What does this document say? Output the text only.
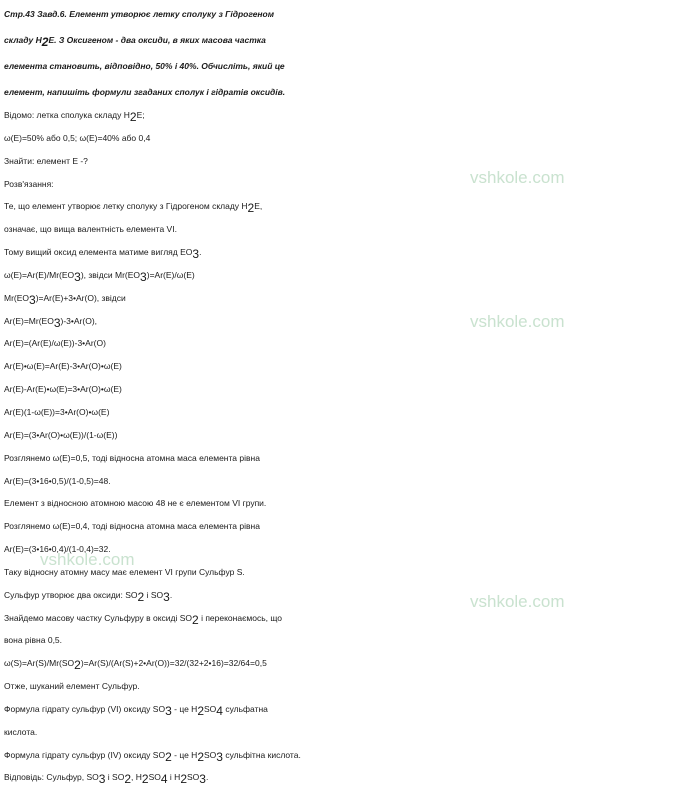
vshkole.com
vshkole.com
vshkole.com
vshkole.com
Стр.43 Завд.6. Елемент утворює летку сполуку з Гідрогеном
складу $H_2E$. З Оксигеном - два оксиди, в яких масова частка
елемента становить, відповідно, 50% і 40%. Обчисліть, який це
елемент, напишіть формули згаданих сполук і гідратів оксидів.
Відомо: летка сполука складу $H_2E$;
ω(E)=50% або 0,5; ω(E)=40% або 0,4
Знайти: елемент Е -?
Розв'язання:
Те, що елемент утворює летку сполуку з Гідрогеном складу $H_2E$,
означає, що вища валентність елемента VI.
Тому вищий оксид елемента матиме вигляд $EO_3$.
$\omega(E)=Ar(E)/Mr(EO_3)$, звідси $Mr(EO_3)=Ar(E)/\omega(E)$
$Mr(EO_3)=Ar(E)+3•Ar(O)$, звідси
$Ar(E)=Mr(EO_3)-3•Ar(O)$,
Ar(E)=(Ar(E)/ω(E))-3•Ar(O)
Ar(E)•ω(E)=Ar(E)-3•Ar(O)•ω(E)
Ar(E)-Ar(E)•ω(E)=3•Ar(O)•ω(E)
Ar(E)(1-ω(E))=3•Ar(O)•ω(E)
Ar(E)=(3•Ar(O)•ω(E))/(1-ω(E))
Розглянемо ω(E)=0,5, тоді відносна атомна маса елемента рівна
Ar(E)=(3•16•0,5)/(1-0,5)=48.
Елемент з відносною атомною масою 48 не є елементом VI групи.
Розглянемо ω(E)=0,4, тоді відносна атомна маса елемента рівна
Ar(E)=(3•16•0,4)/(1-0,4)=32.
Таку відносну атомну масу має елемент VI групи Сульфур S.
Сульфур утворює два оксиди: $SO_2$ і $SO_3$.
Знайдемо масову частку Сульфуру в оксиді $SO_2$ і переконаємось, що
вона рівна 0,5.
$\omega(S)=Ar(S)/Mr(SO_2)=Ar(S)/(Ar(S)+2•Ar(O))=32/(32+2•16)=32/64=0,5$
Отже, шуканий елемент Сульфур.
Формула гідрату сульфур (VI) оксиду $SO_3$ - це $H_2SO_4$ сульфатна
кислота.
Формула гідрату сульфур (IV) оксиду $SO_2$ - це $H_2SO_3$ сульфітна кислота.
Відповідь: Сульфур, $SO_3$ і $SO_2$, $H_2SO_4$ і $H_2SO_3$.
